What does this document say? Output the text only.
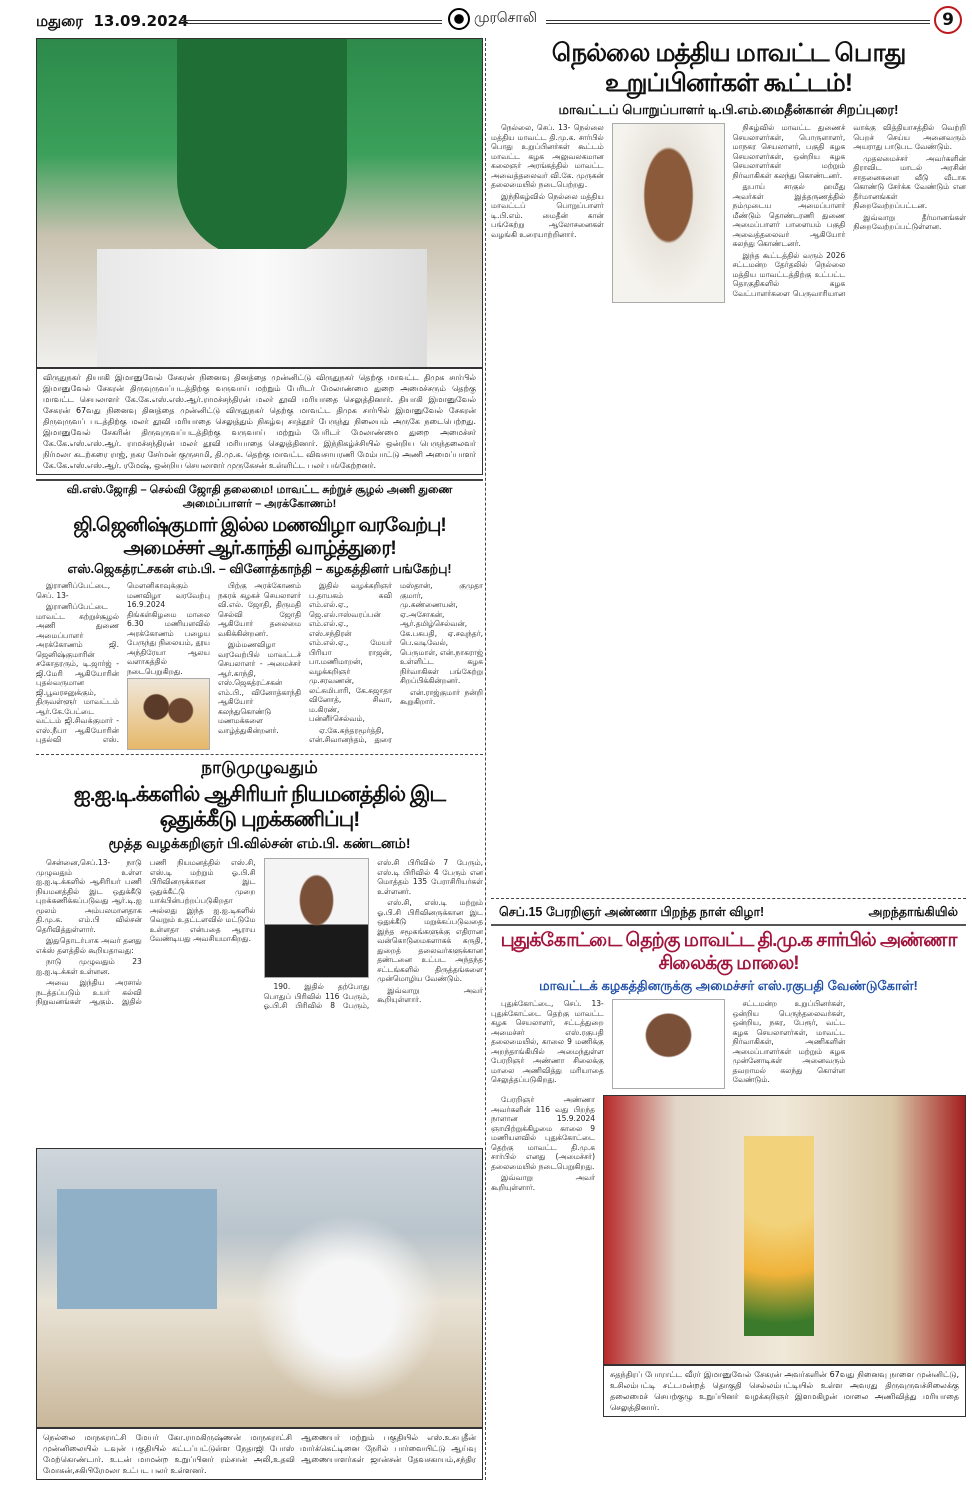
மதுரை 13.09.2024	முரசொலி	9
விருதுநகர் தியாகி இமானுவேல் சேகரன் நினைவு தினத்தை முன்னிட்டு விருதுநகர் தெற்கு மாவட்ட திமுக சார்பில் இமானுவேல் சேகரன் திருவுருவப்படத்திற்கு வருவாய் மற்றும் பேரிடர் மேலாண்மை துறை அமைச்சரும் தெற்கு மாவட்ட செயலாளர் கே.கே.எஸ்.எஸ்.ஆர்.ராமச்சந்திரன் மலர் தூவி மரியாதை செலுத்தினார். தியாகி இமானுவேல் சேகரன் 67வது நினைவு தினத்தை முன்னிட்டு விருதுநகர் தெற்கு மாவட்ட திமுக சார்பில் இமானுவேல் சேகரன் திருவுருவப் படத்திற்கு மலர் தூவி மரியாதை செலுத்தும் நிகழ்வு சாத்தூர் பேருந்து நிலையம் அருகே நடைபெற்றது. இமானுவேல் சேகரின் திருவுருவப்படத்திற்கு வருவாய் மற்றும் பேரிடர் மேலாண்மை துறை அமைச்சர் கே.கே.எஸ்.எஸ்.ஆர். ராமச்சந்திரன் மலர் தூவி மரியாதை செலுத்தினார். இந்நிகழ்ச்சியில் ஒன்றிய பெருந்தலைவர் நிர்மலா கடற்கரை ராஜ், நகர சேர்மன் குருசாமி, தி.மு.க. தெற்கு மாவட்ட விவசாயரணி மேம்பாட்டு அணி அமைப்பாளர் கே.கே.எஸ்.எஸ்.ஆர். ரமேஷ், ஒன்றிய செயலாளர் முருகேசன் உள்ளிட்ட பலர் பங்கேற்றனர்.
வி.எஸ்.ஜோதி – செல்வி ஜோதி தலைமை! மாவட்ட சுற்றுச் சூழல் அணி துணை அமைப்பாளர் – அரக்கோணம்!
ஜி.ஜெனிஷ்குமார் இல்ல மணவிழா வரவேற்பு! அமைச்சர் ஆர்.காந்தி வாழ்த்துரை!
எஸ்.ஜெகத்ரட்சகன் எம்.பி. – வினோத்காந்தி – கழகத்தினர் பங்கேற்பு!

இராணிப்பேட்டை, செப். 13-

இராணிப்பேட்டை மாவட்ட சுற்றுச்சூழல் அணி துணை அமைப்பாளர் அரக்கோணம் ஜி. ஜெனிஷ்குமாரின் சகோதரரும், டி.ஜார்ஜ் - ஜி.மேரி ஆகியோரின் புதல்வருமான ஜி.பூவரசனுக்கும், திருவள்ளூர் மாவட்டம் ஆர்.கே.பேட்டை வட்டம் ஜி.சிவக்குமார் - எஸ்.நீபா ஆகியோரின் புதல்வி எஸ். மௌனிகாவுக்கும் மணவிழா வரவேற்பு 16.9.2024 திங்கள்கிழமை மாலை 6.30 மணியளவில் அரக்கோணம் பழைய பேருந்து நிலையம், தூய அந்திரேயா ஆலய வளாகத்தில் நடைபெறுகிறது.

பிற்கு அரக்கோணம் நகரக் கழகச் செயலாளர் வி.எல். ஜோதி, திருமதி செல்வி ஜோதி ஆகியோர் தலைமை வகிக்கின்றனர்.

இம்மணவிழா வரவேற்பில் மாவட்டச் செயலாளர் - அமைச்சர் ஆர்.காந்தி, எஸ்.ஜெகத்ரட்சகன் எம்.பி., வினோத்காந்தி ஆகியோர் கலந்துகொண்டு மணமக்களை வாழ்த்துகின்றனர்.

இதில் வழக்கறிஞர் ப.தாயகம் கவி எம்.எல்.ஏ., ஜெ.எல்.ஈஸ்வரப்பன் எம்.எல்.ஏ., எஸ்.சந்திரன் எம்.எல்.ஏ., மேயர் பிரியா ராஜன், பா.மணிமாறன், வழக்கறிஞர் மு.சரவணன், லட்சுமிபாரி, கே.சுஜாதா வினோத், சிவா, ம.கிரண், பன்னீர்செல்வம்,

ஏ.கே.சுந்தரமூர்த்தி, என்.சிவானந்தம், துரை மஸ்தான், குமுதா குமார், மு.கண்ணையன், ஏ.அசோகன், ஆர்.தமிழ்செல்வன், கே.பசுபதி, ஏ.சவுந்தர், பெ.வடிவேல், பெருமாள், என்.நாகராஜ் உள்ளிட்ட கழக நிர்வாகிகள் பங்கேற்று சிறப்பிக்கின்றனர்.

என்.ராஜ்குமார் நன்றி கூறுகிறார்.

நாடுமுழுவதும்
ஐ.ஐ.டி.க்களில் ஆசிரியர் நியமனத்தில் இட ஒதுக்கீடு புறக்கணிப்பு!
மூத்த வழக்கறிஞர் பி.வில்சன் எம்.பி. கண்டனம்!

சென்னை,செப்.13- நாடு முழுவதும் உள்ள ஐ.ஐ.டி.க்களில் ஆசிரியர் பணி நியமனத்தில் இட ஒதுக்கீடு புறக்கணிக்கப்படுவது ஆர்.டி.ஐ மூலம் அம்பலமானதாக தி.மு.க. எம்.பி வில்சன் தெரிவித்துள்ளார்.

இதுதொடர்பாக அவர் தனது எக்ஸ் தளத்தில் கூறியதாவது:

நாடு முழுவதும் 23 ஐ.ஐ.டி.க்கள் உள்ளன.

அவை இந்திய அரசால் நடத்தப்படும் உயர் கல்வி நிறுவனங்கள் ஆகும். இதில் பணி நியமனத்தில் எஸ்.சி, எஸ்.டி மற்றும் ஓ.பி.சி பிரிவினருக்கான இட ஒதுக்கீட்டு முறை யாக்பின்பற்றப்படுகிறதா அல்லது இந்த ஐ.ஐ.டிகளில் வெறும் உதட்டளவில் மட்டுமே உள்ளதா என்பதை ஆராய வேண்டியது அவசியமாகிறது.

190. இதில் தற்போது பொதுப் பிரிவில் 116 பேரும், ஓ.பி.சி பிரிவில் 8 பேரும், எஸ்.சி பிரிவில் 7 பேரும், எஸ்.டி பிரிவில் 4 பேரும் என மொத்தம் 135 பேராசிரியர்கள் உள்ளனர்.

எஸ்.சி, எஸ்.டி மற்றும் ஓ.பி.சி பிரிவினருக்கான இட ஒதுக்கீடு மறுக்கப்படுவதை இந்த சமூகங்களுக்கு எதிரான வன்கொடுமைகளாகக் கருதி, துறைத் தலைவர்களுக்கான தண்டனை உட்பட அந்தந்த சட்டங்களில் திருத்தங்களை முன்மொழிய வேண்டும்.

இவ்வாறு அவர் கூறியுள்ளார்.

நெல்லை மாநகராட்சி மேயர் கோ.ராமகிருஷ்ணன் மாநகராட்சி ஆணையர் மற்றும் பகுதியில் எஸ்.உசுபுதீன் முன்னிலையில் டவுன் பகுதியில் கட்டப்பட்டுள்ள நேதாஜி போஸ் மார்க்கெட்டினை நேரில் பார்வையிட்டு ஆய்வு மேற்கொண்டார். உடன் மாமன்ற உறுப்பினர் ரம்சான் அலி,உதவி ஆணையாளர்கள் ஜான்சன் தேவசகாயம்,சந்திர மோகன்,சகிபிரேமலா உட்பட பலர் உள்ளனர்.
நெல்லை மத்திய மாவட்ட பொது உறுப்பினர்கள் கூட்டம்!
மாவட்டப் பொறுப்பாளர் டி.பி.எம்.மைதீன்கான் சிறப்புரை!

நெல்லை, செப். 13- நெல்லை மத்திய மாவட்ட தி.மு.க. சார்பில் பொது உறுப்பினர்கள் கூட்டம் மாவட்ட கழக அலுவலகமான கலைஞர் அரங்கத்தில் மாவட்ட அவைத்தலைவர் வி.கே. முருகன் தலைமையில் நடைபெற்றது.

இந்நிகழ்வில் நெல்லை மத்திய மாவட்டப் பொறுப்பாளர் டி.பி.எம். மைதீன் கான் பங்கேற்று ஆலோசனைகள் வழங்கி உரையாற்றினார்.

நிகழ்வில் மாவட்ட துணைச் செயலாளர்கள், பொருளாளர், மாநகர செயலாளர், பகுதி கழக செயலாளர்கள், ஒன்றிய கழக செயலாளர்கள் மற்றும் நிர்வாகிகள் கலந்து கொண்டனர்.

துபாய் சாகுல் ஹமீது அவர்கள் இத்தருணத்தில் நம்முடைய அமைப்பாளர் மீண்டும் தொண்டரணி துணை அமைப்பாளர் பாளையம் பகுதி அவைத்தலைவர் ஆகியோர் கலந்து கொண்டனர்.

இந்த கூட்டத்தில் வரும் 2026 சட்டமன்ற தேர்தலில் நெல்லை மத்திய மாவட்டத்திற்கு உட்பட்ட தொகுதிகளில் கழக வேட்பாளர்களை பெருவாரியான வாக்கு வித்தியாசத்தில் வெற்றி பெறச் செய்ய அனைவரும் அயராது பாடுபட வேண்டும்.

முதலமைச்சர் அவர்களின் திராவிட மாடல் அரசின் சாதனைகளை வீடு வீடாக கொண்டு சேர்க்க வேண்டும் என தீர்மானங்கள் நிறைவேற்றப்பட்டன.

இவ்வாறு தீர்மானங்கள் நிறைவேற்றப்பட்டுள்ளன.

செப்.15 பேரறிஞர் அண்ணா பிறந்த நாள் விழா!	அறந்தாங்கியில்
புதுக்கோட்டை தெற்கு மாவட்ட தி.மு.க சார்பில் அண்ணா சிலைக்கு மாலை!
மாவட்டக் கழகத்தினருக்கு அமைச்சர் எஸ்.ரகுபதி வேண்டுகோள்!

புதுக்கோட்டை, செப். 13- புதுக்கோட்டை தெற்கு மாவட்ட கழக செயலாளர், சட்டத்துறை அமைச்சர் எஸ்.ரகுபதி தலைமையில், காலை 9 மணிக்கு அறந்தாங்கியில் அமைந்துள்ள பேரறிஞர் அண்ணா சிலைக்கு மாலை அணிவித்து மரியாதை செலுத்தப்படுகிறது.

சட்டமன்ற உறுப்பினர்கள், ஒன்றிய பெருந்தலைவர்கள், ஒன்றிய, நகர, பேரூர், வட்ட கழக செயலாளர்கள், மாவட்ட நிர்வாகிகள், அணிகளின் அமைப்பாளர்கள் மற்றும் கழக முன்னோடிகள் அனைவரும் தவறாமல் கலந்து கொள்ள வேண்டும்.

பேரறிஞர் அண்ணா அவர்களின் 116 வது பிறந்த நாளான 15.9.2024 ஞாயிற்றுக்கிழமை காலை 9 மணியளவில் புதுக்கோட்டை தெற்கு மாவட்ட தி.மு.க சார்பில் எனது (அமைச்சர்) தலைமையில் நடைபெறுகிறது.

இவ்வாறு அவர் கூறியுள்ளார்.

சுதந்திரப் போராட்ட வீரர் இமானுவேல் சேகரன் அவர்களின் 67வது நினைவு நாளை முன்னிட்டு, உசிலம்பட்டி சட்டமன்றத் தொகுதி செல்லம்பட்டியில் உள்ள அவரது திருவுருவச்சிலைக்கு தலைமைச் செயற்குழு உறுப்பினர் வழக்கறிஞர் இளமகிழன் மாலை அணிவித்து மரியாதை செலுத்தினார்.
